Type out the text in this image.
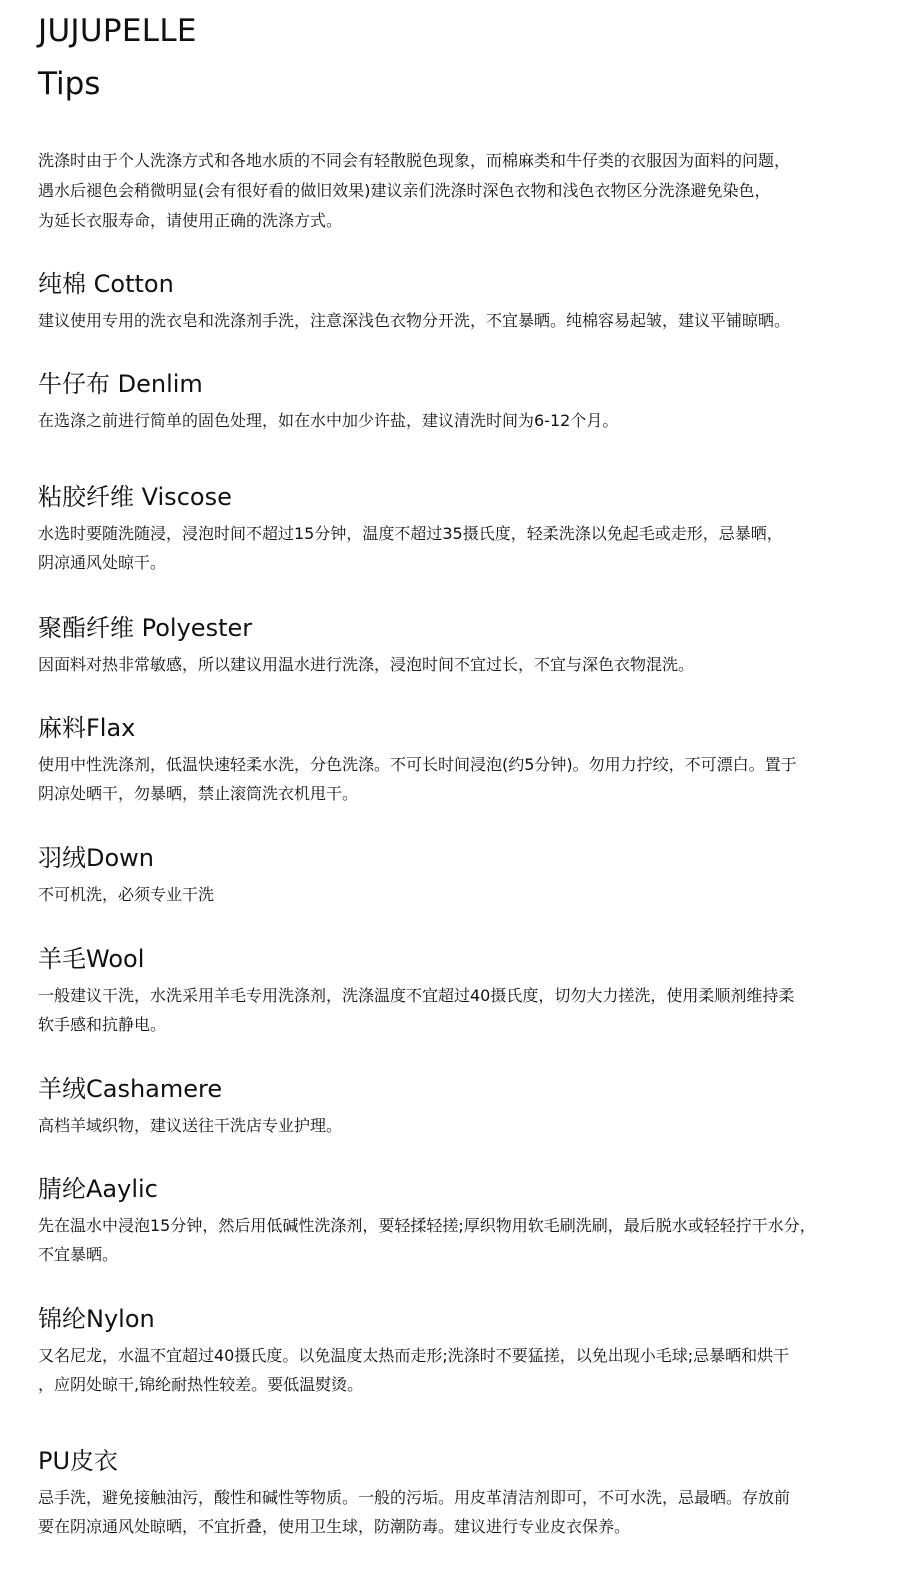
JUJUPELLE
Tips

洗涤时由于个人洗涤方式和各地水质的不同会有轻散脱色现象，而棉麻类和牛仔类的衣服因为面料的问题，
遇水后褪色会稍微明显(会有很好看的做旧效果)建议亲们洗涤时深色衣物和浅色衣物区分洗涤避免染色，
为延长衣服寿命，请使用正确的洗涤方式。

纯棉 Cotton

建议使用专用的洗衣皂和洗涤剂手洗，注意深浅色衣物分开洗，不宜暴晒。纯棉容易起皱，建议平铺晾晒。

牛仔布 Denlim

在选涤之前进行简单的固色处理，如在水中加少许盐，建议清洗时间为6-12个月。

粘胶纤维 Viscose

水选时要随洗随浸，浸泡时间不超过15分钟，温度不超过35摄氏度，轻柔洗涤以免起毛或走形，忌暴晒，
阴凉通风处晾干。

聚酯纤维 Polyester

因面料对热非常敏感，所以建议用温水进行洗涤，浸泡时间不宜过长，不宜与深色衣物混洗。

麻料Flax

使用中性洗涤剂，低温快速轻柔水洗，分色洗涤。不可长时间浸泡(约5分钟)。勿用力拧绞，不可漂白。置于
阴凉处晒干，勿暴晒，禁止滚筒洗衣机甩干。

羽绒Down

不可机洗，必须专业干洗

羊毛Wool

一般建议干洗，水洗采用羊毛专用洗涤剂，洗涤温度不宜超过40摄氏度，切勿大力搓洗，使用柔顺剂维持柔
软手感和抗静电。

羊绒Cashamere

高档羊域织物，建议送往干洗店专业护理。

腈纶Aaylic

先在温水中浸泡15分钟，然后用低碱性洗涤剂，要轻揉轻搓;厚织物用软毛刷洗刷，最后脱水或轻轻拧干水分，
不宜暴晒。

锦纶Nylon

又名尼龙，水温不宜超过40摄氏度。以免温度太热而走形;洗涤时不要猛搓，以免出现小毛球;忌暴晒和烘干
，应阴处晾干,锦纶耐热性较差。要低温熨烫。

PU皮衣

忌手洗，避免接触油污，酸性和碱性等物质。一般的污垢。用皮革清洁剂即可，不可水洗，忌最晒。存放前
要在阴凉通风处晾晒，不宜折叠，使用卫生球，防潮防毒。建议进行专业皮衣保养。
